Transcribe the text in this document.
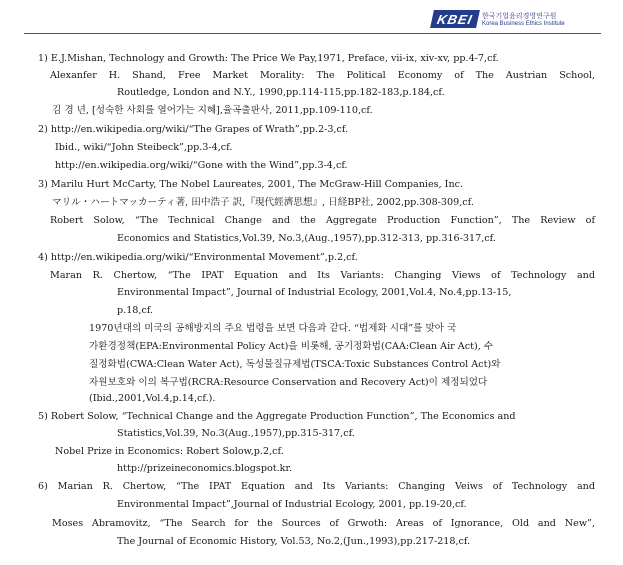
KBEI	한국기업윤리경영연구원
Korea Business Ethics Institute
1) E.J.Mishan, Technology and Growth: The Price We Pay,1971, Preface, vii-ix, xiv-xv, pp.4-7,cf.
Alexanfer H. Shand, Free Market Morality: The Political Economy of The Austrian School,
Routledge, London and N.Y., 1990,pp.114-115,pp.182-183,p.184,cf.
김 경 년, [성숙한 사회를 열어가는 지혜],율곡출판사, 2011,pp.109-110,cf.
2) http://en.wikipedia.org/wiki/“The Grapes of Wrath”,pp.2-3,cf.
Ibid., wiki/“John Steibeck”,pp.3-4,cf.
http://en.wikipedia.org/wiki/“Gone with the Wind”,pp.3-4,cf.
3) Marilu Hurt McCarty, The Nobel Laureates, 2001, The McGraw-Hill Companies, Inc.
マリル・ハートマッカーティ著, 田中浩子 訳,『現代經濟思想』, 日経BP社, 2002,pp.308-309,cf.
Robert Solow, “The Technical Change and the Aggregate Production Function”, The Review of
Economics and Statistics,Vol.39, No.3,(Aug.,1957),pp.312-313, pp.316-317,cf.
4) http://en.wikipedia.org/wiki/“Environmental Movement”,p.2,cf.
Maran R. Chertow, “The IPAT Equation and Its Variants: Changing Views of Technology and
Environmental Impact”, Journal of Industrial Ecology, 2001,Vol.4, No.4,pp.13-15,
p.18,cf.
1970년대의 미국의 공해방지의 주요 법령을 보면 다음과 같다. “법제화 시대”를 맞아 국
가환경정책(EPA:Environmental Policy Act)을 비롯해, 공기정화법(CAA:Clean Air Act), 수
질정화법(CWA:Clean Water Act), 독성물질규제법(TSCA:Toxic Substances Control Act)와
자원보호와 이의 복구법(RCRA:Resource Conservation and Recovery Act)이 제정되었다
(Ibid.,2001,Vol.4,p.14,cf.).
5) Robert Solow, “Technical Change and the Aggregate Production Function”, The Economics and
Statistics,Vol.39, No.3(Aug.,1957),pp.315-317,cf.
Nobel Prize in Economics: Robert Solow,p.2,cf.
http://prizeineconomics.blogspot.kr.
6) Marian R. Chertow, “The IPAT Equation and Its Variants: Changing Veiws of Technology and
Environmental Impact”,Journal of Industrial Ecology, 2001, pp.19-20,cf.
Moses Abramovitz, “The Search for the Sources of Grwoth: Areas of Ignorance, Old and New”,
The Journal of Economic History, Vol.53, No.2,(Jun.,1993),pp.217-218,cf.
